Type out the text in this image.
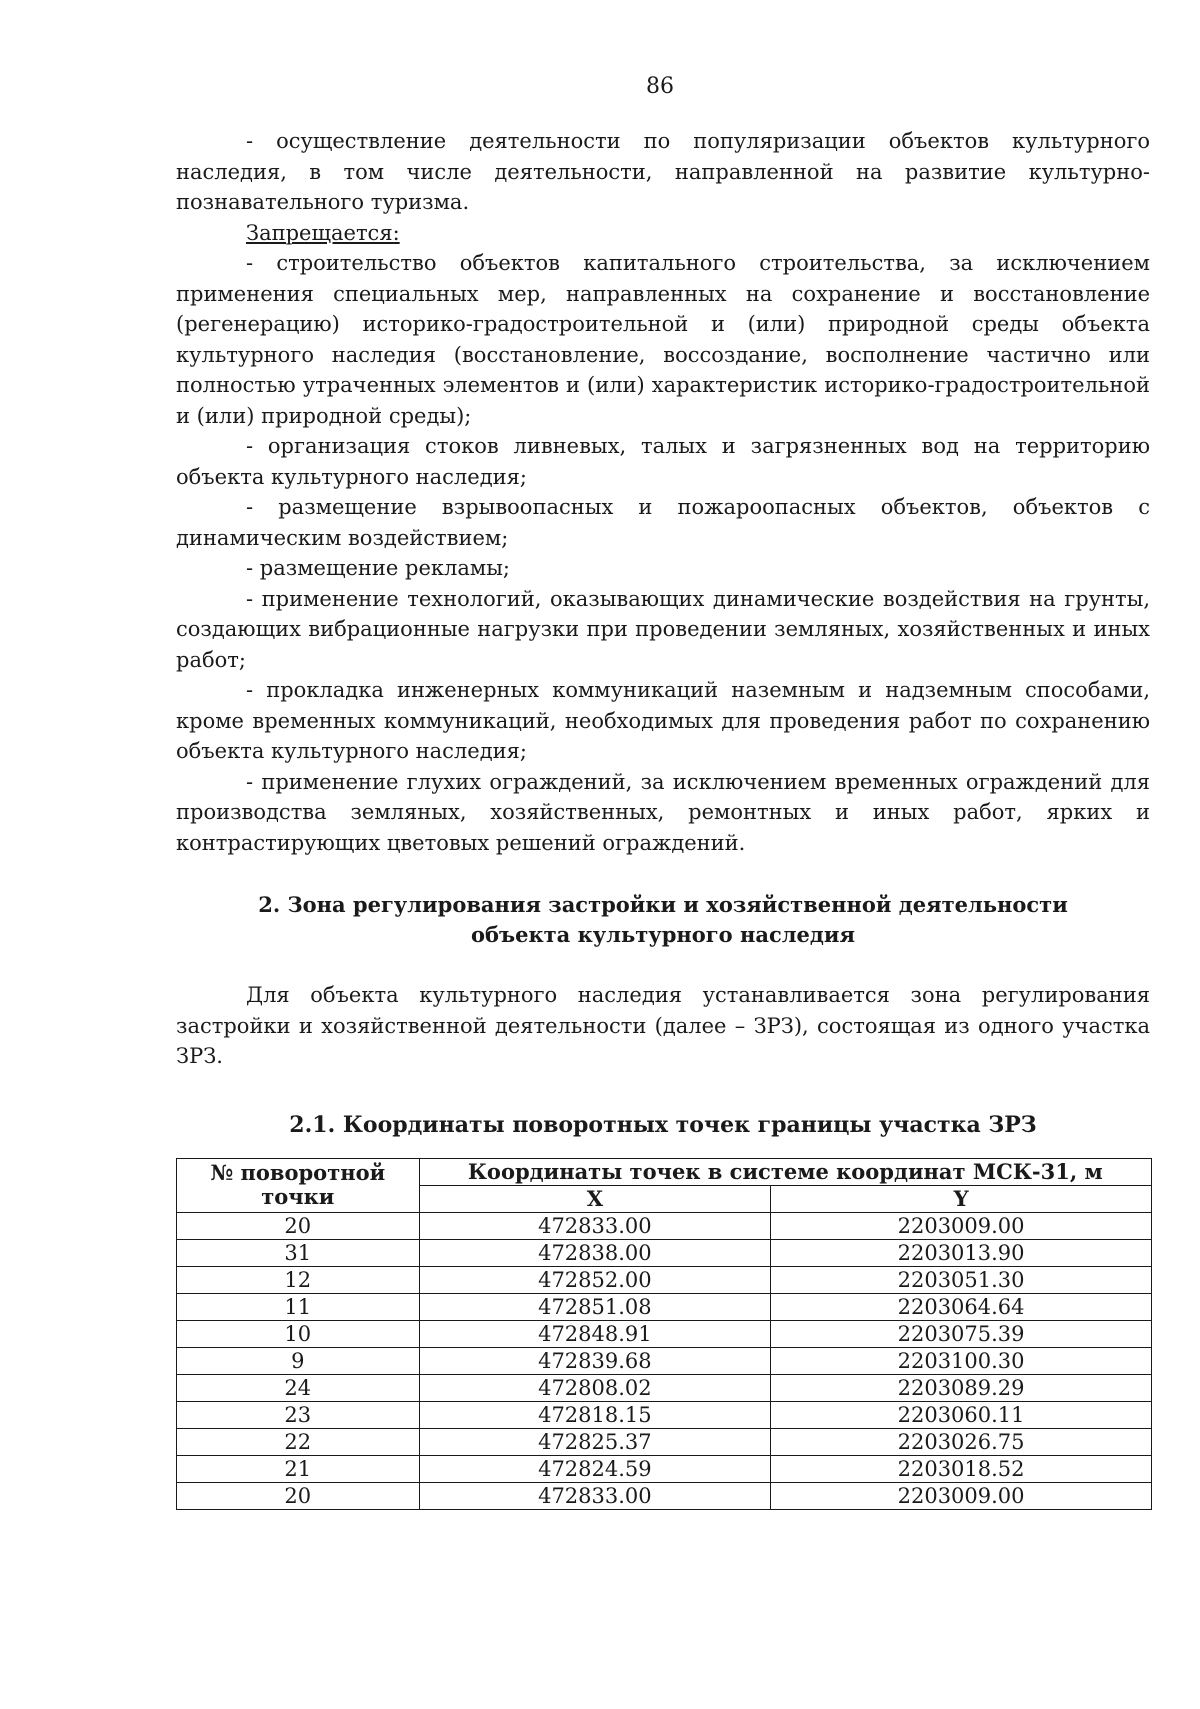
86

- осуществление деятельности по популяризации объектов культурного наследия, в том числе деятельности, направленной на развитие культурно-познавательного туризма.

Запрещается:

- строительство объектов капитального строительства, за исключением применения специальных мер, направленных на сохранение и восстановление (регенерацию) историко-градостроительной и (или) природной среды объекта культурного наследия (восстановление, воссоздание, восполнение частично или полностью утраченных элементов и (или) характеристик историко-градостроительной и (или) природной среды);

- организация стоков ливневых, талых и загрязненных вод на территорию объекта культурного наследия;

- размещение взрывоопасных и пожароопасных объектов, объектов с динамическим воздействием;

- размещение рекламы;

- применение технологий, оказывающих динамические воздействия на грунты, создающих вибрационные нагрузки при проведении земляных, хозяйственных и иных работ;

- прокладка инженерных коммуникаций наземным и надземным способами, кроме временных коммуникаций, необходимых для проведения работ по сохранению объекта культурного наследия;

- применение глухих ограждений, за исключением временных ограждений для производства земляных, хозяйственных, ремонтных и иных работ, ярких и контрастирующих цветовых решений ограждений.

2. Зона регулирования застройки и хозяйственной деятельности
объекта культурного наследия

Для объекта культурного наследия устанавливается зона регулирования застройки и хозяйственной деятельности (далее – ЗРЗ), состоящая из одного участка ЗРЗ.

2.1. Координаты поворотных точек границы участка ЗРЗ
№ поворотной
точки	Координаты точек в системе координат МСК-31, м	
	X	Y
20	472833.00	2203009.00
31	472838.00	2203013.90
12	472852.00	2203051.30
11	472851.08	2203064.64
10	472848.91	2203075.39
9	472839.68	2203100.30
24	472808.02	2203089.29
23	472818.15	2203060.11
22	472825.37	2203026.75
21	472824.59	2203018.52
20	472833.00	2203009.00
